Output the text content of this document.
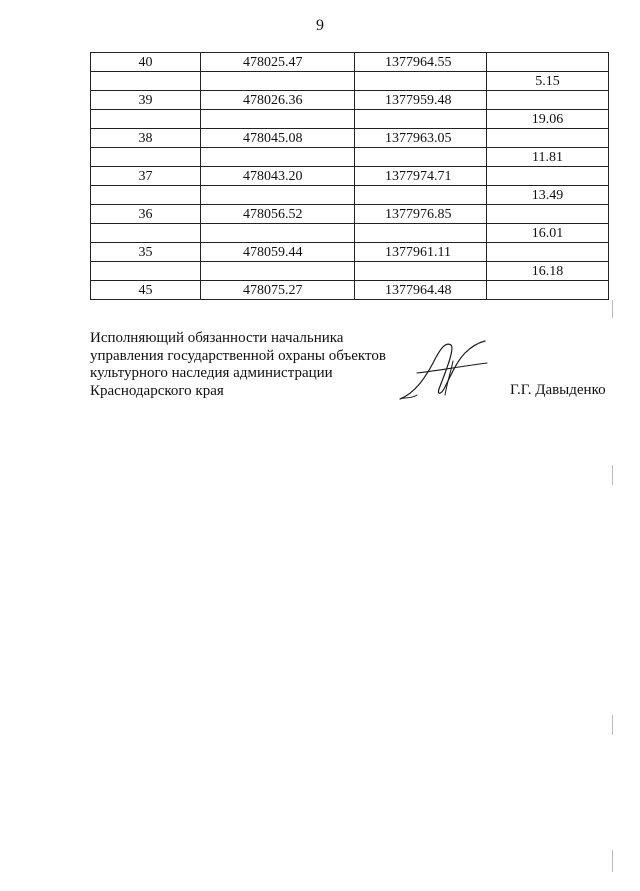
9
40	478025.47	1377964.55	
			5.15
39	478026.36	1377959.48	
			19.06
38	478045.08	1377963.05	
			11.81
37	478043.20	1377974.71	
			13.49
36	478056.52	1377976.85	
			16.01
35	478059.44	1377961.11	
			16.18
45	478075.27	1377964.48	
Исполняющий обязанности начальника
управления государственной охраны объектов
культурного наследия администрации
Краснодарского края	Г.Г. Давыденко
